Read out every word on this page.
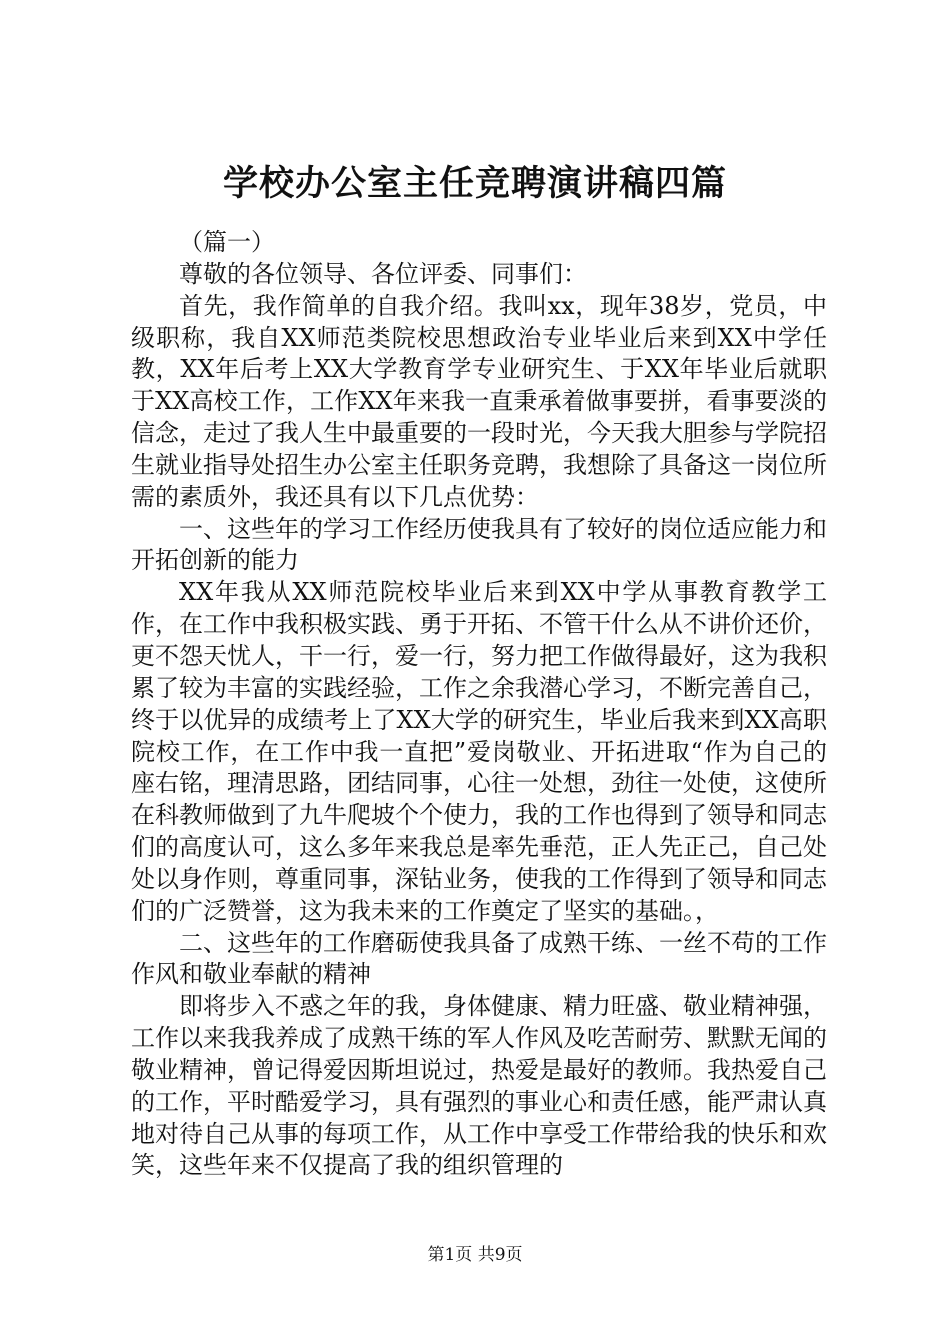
学校办公室主任竞聘演讲稿四篇

（篇一）

尊敬的各位领导、各位评委、同事们：

首先，我作简单的自我介绍。我叫xx，现年38岁，党员，中级职称，我自XX师范类院校思想政治专业毕业后来到XX中学任教，XX年后考上XX大学教育学专业研究生、于XX年毕业后就职于XX高校工作，工作XX年来我一直秉承着做事要拼，看事要淡的信念，走过了我人生中最重要的一段时光，今天我大胆参与学院招生就业指导处招生办公室主任职务竞聘，我想除了具备这一岗位所需的素质外，我还具有以下几点优势：

一、这些年的学习工作经历使我具有了较好的岗位适应能力和开拓创新的能力

XX年我从XX师范院校毕业后来到XX中学从事教育教学工作，在工作中我积极实践、勇于开拓、不管干什么从不讲价还价，更不怨天忧人，干一行，爱一行，努力把工作做得最好，这为我积累了较为丰富的实践经验，工作之余我潜心学习，不断完善自己，终于以优异的成绩考上了XX大学的研究生，毕业后我来到XX高职院校工作，在工作中我一直把”爱岗敬业、开拓进取“作为自己的座右铭，理清思路，团结同事，心往一处想，劲往一处使，这使所在科教师做到了九牛爬坡个个使力，我的工作也得到了领导和同志们的高度认可，这么多年来我总是率先垂范，正人先正己，自己处处以身作则，尊重同事，深钻业务，使我的工作得到了领导和同志们的广泛赞誉，这为我未来的工作奠定了坚实的基础。，

二、这些年的工作磨砺使我具备了成熟干练、一丝不苟的工作作风和敬业奉献的精神

即将步入不惑之年的我，身体健康、精力旺盛、敬业精神强，工作以来我我养成了成熟干练的军人作风及吃苦耐劳、默默无闻的敬业精神，曾记得爱因斯坦说过，热爱是最好的教师。我热爱自己的工作，平时酷爱学习，具有强烈的事业心和责任感，能严肃认真地对待自己从事的每项工作，从工作中享受工作带给我的快乐和欢笑，这些年来不仅提高了我的组织管理的

第1页 共9页
